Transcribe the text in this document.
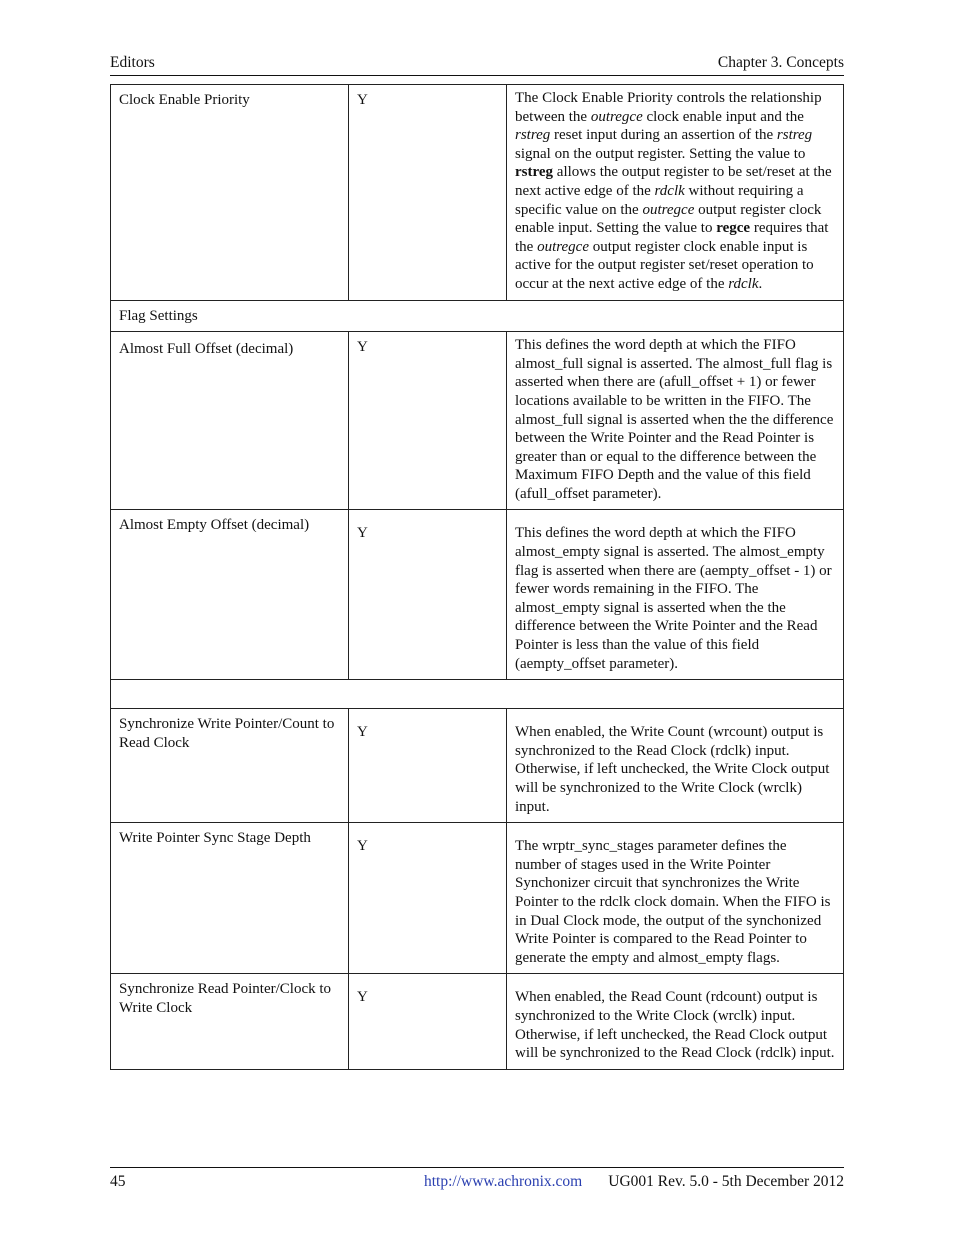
Editors	Chapter 3. Concepts
Clock Enable Priority	Y	The Clock Enable Priority controls the relationship between the outregce clock enable input and the rstreg reset input during an assertion of the rstreg signal on the output register. Setting the value to rstreg allows the output register to be set/reset at the next active edge of the rdclk without requiring a specific value on the outregce output register clock enable input. Setting the value to regce requires that the outregce output register clock enable input is active for the output register set/reset operation to occur at the next active edge of the rdclk.
Flag Settings		
Almost Full Offset (decimal)	Y	This defines the word depth at which the FIFO almost_full signal is asserted. The almost_full flag is asserted when there are (afull_offset + 1) or fewer locations available to be written in the FIFO. The almost_full signal is asserted when the the difference between the Write Pointer and the Read Pointer is greater than or equal to the difference between the Maximum FIFO Depth and the value of this field (afull_offset parameter).
Almost Empty Offset (decimal)	Y	This defines the word depth at which the FIFO almost_empty signal is asserted. The almost_empty flag is asserted when there are (aempty_offset - 1) or fewer words remaining in the FIFO. The almost_empty signal is asserted when the the difference between the Write Pointer and the Read Pointer is less than the value of this field (aempty_offset parameter).

Synchronize Write Pointer/Count to Read Clock	Y	When enabled, the Write Count (wrcount) output is synchronized to the Read Clock (rdclk) input. Otherwise, if left unchecked, the Write Clock output will be synchronized to the Write Clock (wrclk) input.
Write Pointer Sync Stage Depth	Y	The wrptr_sync_stages parameter defines the number of stages used in the Write Pointer Synchonizer circuit that synchronizes the Write Pointer to the rdclk clock domain. When the FIFO is in Dual Clock mode, the output of the synchonized Write Pointer is compared to the Read Pointer to generate the empty and almost_empty flags.
Synchronize Read Pointer/Clock to Write Clock	Y	When enabled, the Read Count (rdcount) output is synchronized to the Write Clock (wrclk) input. Otherwise, if left unchecked, the Read Clock output will be synchronized to the Read Clock (rdclk) input.
45	http://www.achronix.com UG001 Rev. 5.0 - 5th December 2012
